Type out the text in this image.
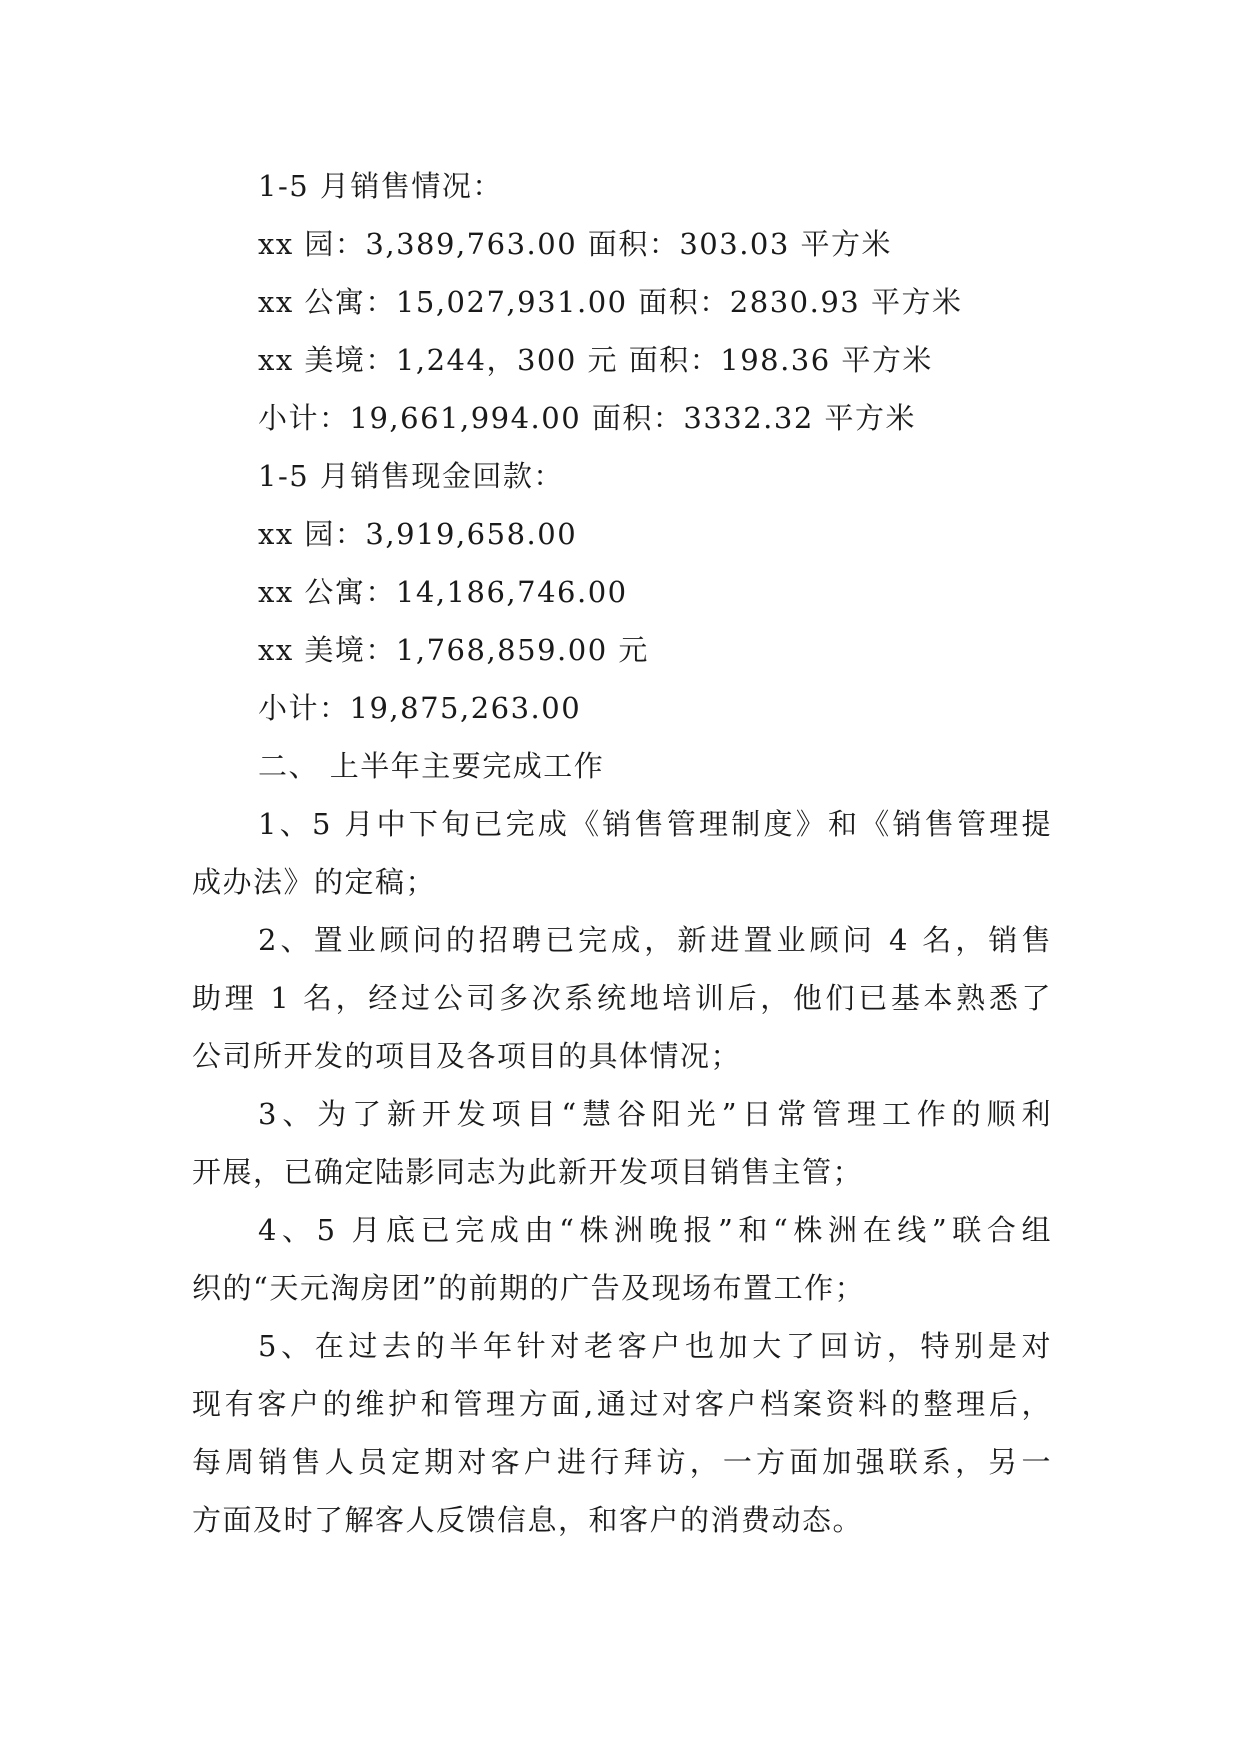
1-5 月销售情况：
xx 园：3,389,763.00 面积：303.03 平方米
xx 公寓：15,027,931.00 面积：2830.93 平方米
xx 美境：1,244，300 元 面积：198.36 平方米
小计：19,661,994.00 面积：3332.32 平方米
1-5 月销售现金回款：
xx 园：3,919,658.00
xx 公寓：14,186,746.00
xx 美境：1,768,859.00 元
小计：19,875,263.00
二、 上半年主要完成工作
1、5 月中下旬已完成《销售管理制度》和《销售管理提
成办法》的定稿；
2、置业顾问的招聘已完成，新进置业顾问 4 名，销售
助理 1 名，经过公司多次系统地培训后，他们已基本熟悉了
公司所开发的项目及各项目的具体情况；
3、为了新开发项目“慧谷阳光”日常管理工作的顺利
开展，已确定陆影同志为此新开发项目销售主管；
4、5 月底已完成由“株洲晚报”和“株洲在线”联合组
织的“天元淘房团”的前期的广告及现场布置工作；
5、在过去的半年针对老客户也加大了回访，特别是对
现有客户的维护和管理方面,通过对客户档案资料的整理后，
每周销售人员定期对客户进行拜访，一方面加强联系，另一
方面及时了解客人反馈信息，和客户的消费动态。
